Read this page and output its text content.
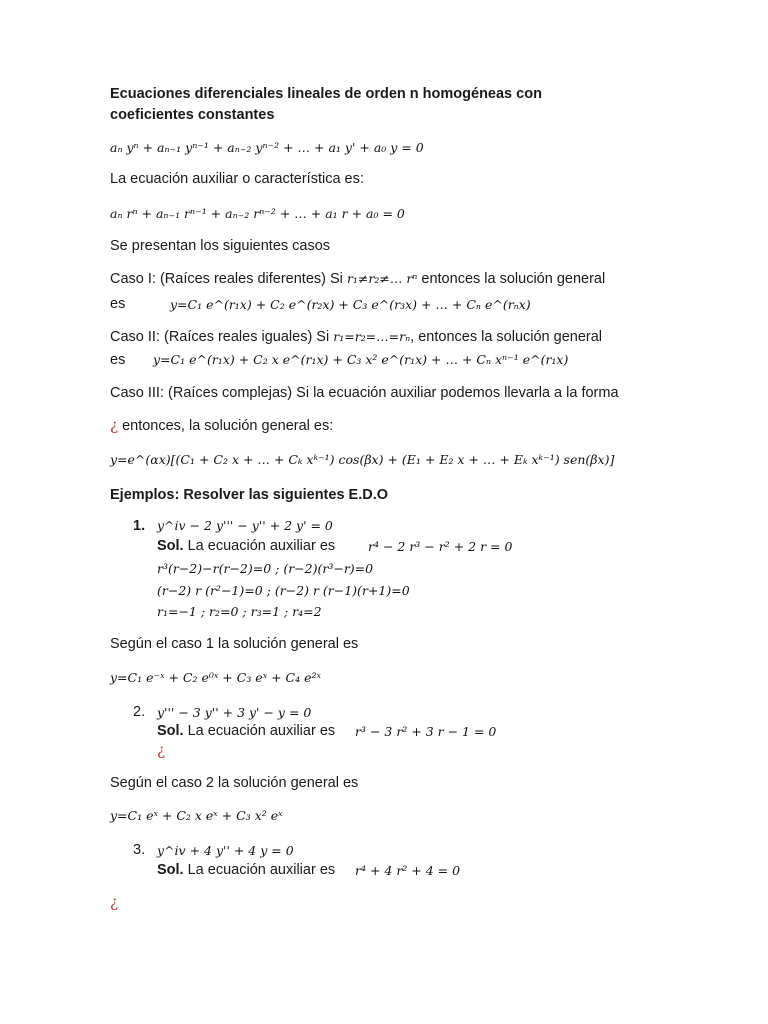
Ecuaciones diferenciales lineales de orden n homogéneas con
coeficientes constantes
aₙ yⁿ + aₙ₋₁ yⁿ⁻¹ + aₙ₋₂ yⁿ⁻² + … + a₁ y' + a₀ y = 0
La ecuación auxiliar o característica es:
aₙ rⁿ + aₙ₋₁ rⁿ⁻¹ + aₙ₋₂ rⁿ⁻² + … + a₁ r + a₀ = 0
Se presentan los siguientes casos
Caso I: (Raíces reales diferentes) Si r₁≠r₂≠… rⁿ entonces la solución general
es	y=C₁ e^(r₁x) + C₂ e^(r₂x) + C₃ e^(r₃x) + … + Cₙ e^(rₙx)
Caso II: (Raíces reales iguales) Si r₁=r₂=…=rₙ, entonces la solución general
es y=C₁ e^(r₁x) + C₂ x e^(r₁x) + C₃ x² e^(r₁x) + … + Cₙ xⁿ⁻¹ e^(r₁x)
Caso III: (Raíces complejas) Si la ecuación auxiliar podemos llevarla a la forma
¿ entonces, la solución general es:
y=e^(αx)[(C₁ + C₂ x + … + Cₖ xᵏ⁻¹) cos(βx) + (E₁ + E₂ x + … + Eₖ xᵏ⁻¹) sen(βx)]
Ejemplos: Resolver las siguientes E.D.O
1. y^iv − 2 y''' − y'' + 2 y' = 0
Sol. La ecuación auxiliar es	r⁴ − 2 r³ − r² + 2 r = 0
r³(r−2)−r(r−2)=0 ; (r−2)(r³−r)=0
(r−2) r (r²−1)=0 ; (r−2) r (r−1)(r+1)=0
r₁=−1 ; r₂=0 ; r₃=1 ; r₄=2
Según el caso 1 la solución general es
y=C₁ e⁻ˣ + C₂ e⁰ˣ + C₃ eˣ + C₄ e²ˣ
2. y''' − 3 y'' + 3 y' − y = 0
Sol. La ecuación auxiliar es r³ − 3 r² + 3 r − 1 = 0
¿
Según el caso 2 la solución general es
y=C₁ eˣ + C₂ x eˣ + C₃ x² eˣ
3. y^iv + 4 y'' + 4 y = 0
Sol. La ecuación auxiliar es r⁴ + 4 r² + 4 = 0
¿
